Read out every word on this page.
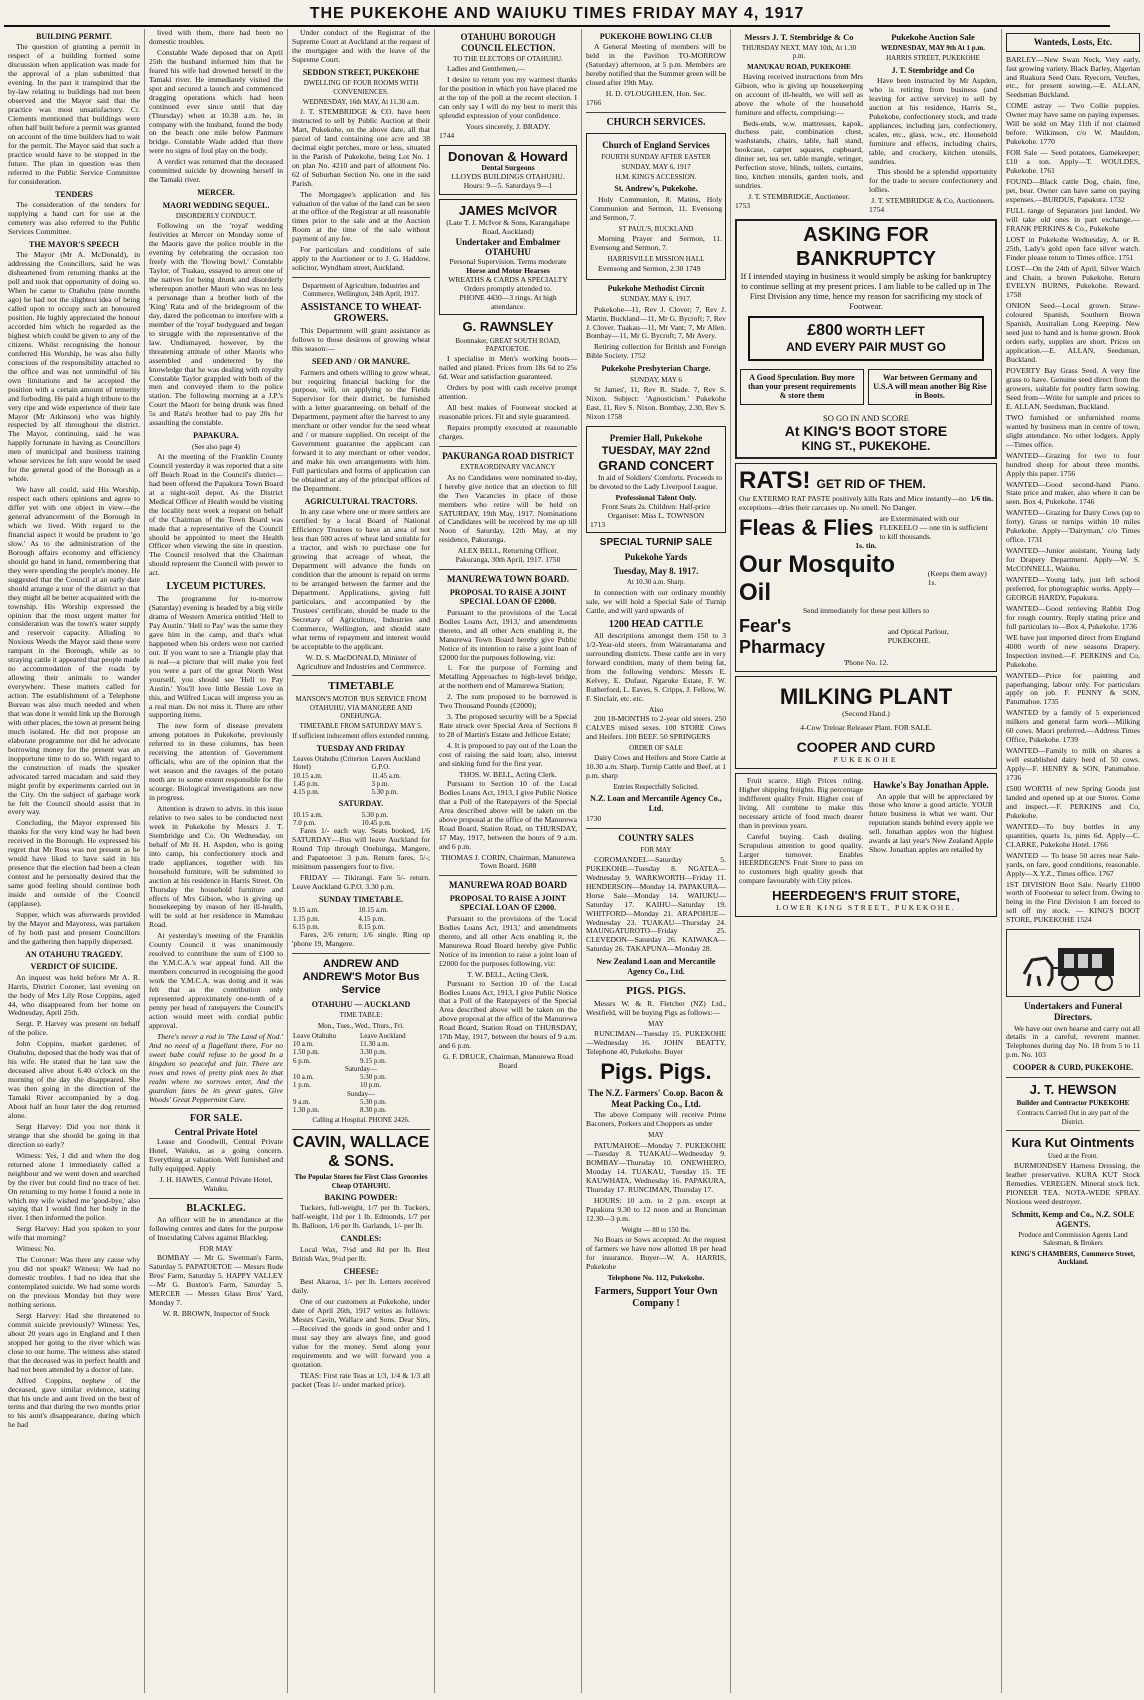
THE PUKEKOHE AND WAIUKU TIMES FRIDAY MAY 4, 1917
BUILDING PERMIT.

The question of granting a permit in respect of a building formed some discussion when application was made for the approval of a plan submitted that evening. In the past it transpired that the by-law relating to buildings had not been observed and the Mayor said that the practice was most unsatisfactory. Cr. Clements mentioned that buildings were often half built before a permit was granted on account of the time builders had to wait for the permit. The Mayor said that such a practice would have to be stopped in the future. The plan in question was then referred to the Public Service Committee for consideration.

TENDERS

The consideration of the tenders for supplying a hand cart for use at the cemetery was also referred to the Public Services Committee.

THE MAYOR'S SPEECH

The Mayor (Mr A. McDonald), in addressing the Councillors, said he was disheartened from returning thanks at the poll and took that opportunity of doing so. When he came to Otahuhu (nine months ago) he had not the slightest idea of being called upon to occupy such an honoured position. He highly appreciated the honour accorded him which he regarded as the highest which could be given to any of the citizens. Whilst recognising the honour conferred His Worship, he was also fully conscious of the responsibility attached to the office and was not unmindful of his own limitations and he accepted the position with a certain amount of temerity and forboding. He paid a high tribute to the very ripe and wide experience of their late Mayor (Mr Atkinson) who was highly respected by all throughout the district. The Mayor, continuing, said he was happily fortunate in having as Councillors men of municipal and business training whose services he felt sure would be used for the general good of the Borough as a whole.

We have all could, said His Worship, respect each others opinions and agree to differ yet with one object in view—the general advancement of the Borough in which we lived. With regard to the financial aspect it would be prudent to 'go slow.' As to the administration of the Borough affairs economy and efficiency should go hand in hand, remembering that they were spending the people's money. He suggested that the Council at an early date should arrange a tour of the district so that they might all be better acquainted with the township. His Worship expressed the opinion that the most urgent matter for consideration was the town's water supply and reservoir capacity. Alluding to Noxious Weeds the Mayor said these were rampant in the Borough, while as to straying cattle it appeared that people made no accommodation of the roads by allowing their animals to wander everywhere. These matters called for action. The establishment of a Telephone Bureau was also much needed and when that was done it would link up the Borough with other places, the town at present being much isolated. He did not propose an elaborate programme nor did he advocate borrowing money for the present was an inopportune time to do so. With regard to the construction of roads the speaker advocated tarred macadam and said they might profit by experiments carried out in the City. On the subject of garbage work he felt the Council should assist that in every way.

Concluding, the Mayor expressed his thanks for the very kind way he had been received in the Borough. He expressed his regret that Mr Ross was not present as he would have liked to have said in his presence that the election had been a clean contest and he personally desired that the same good feeling should continue both inside and outside of the Council (applause).

Supper, which was afterwards provided by the Mayor and Mayoress, was partaken of by both past and present Councillors and the gathering then happily dispersed.

AN OTAHUHU TRAGEDY.
VERDICT OF SUICIDE.

An inquest was held before Mr A. R. Harris, District Coroner, last evening on the body of Mrs Lily Rose Coppins, aged 44, who disappeared from her home on Wednesday, April 25th.

Sergt. P. Harvey was present on behalf of the police.

John Coppins, market gardener, of Otahuhu, deposed that the body was that of his wife. He stated that he last saw the deceased alive about 6.40 o'clock on the morning of the day she disappeared. She was then going in the direction of the Tamaki River accompanied by a dog. About half an hour later the dog returned alone.

Sergt Harvey: Did you not think it strange that she should be going in that direction so early?

Witness: Yes, I did and when the dog returned alone I immediately called a neighbour and we went down and searched by the river but could find no trace of her. On returning to my home I found a note in which my wife wished me 'good-bye,' also saying that I would find her body in the river. I then informed the police.

Sergt Harvey: Had you spoken to your wife that morning?

Witness: No.

The Coroner: Was there any cause why you did not speak? Witness: We had no domestic troubles. I had no idea that she contemplated suicide. We had some words on the previous Monday but they were nothing serious.

Sergt Harvey: Had she threatened to commit suicide previously? Witness: Yes, about 20 years ago in England and I then stopped her going to the river which was close to our home. The witness also stated that the deceased was in perfect health and had not been attended by a doctor of late.

Alfred Coppins, nephew of the deceased, gave similar evidence, stating that his uncle and aunt lived on the best of terms and that during the two months prior to his aunt's disappearance, during which he had

lived with them, there had been no domestic troubles.

Constable Wade deposed that on April 25th the husband informed him that he feared his wife had drowned herself in the Tamaki river. He immediately visited the spot and secured a launch and commenced dragging operations which had been continued ever since until that day (Thursday) when at 10.38 a.m. he, in company with the husband, found the body on the beach one mile below Panmure bridge. Constable Wade added that there were no signs of foul play on the body.

A verdict was returned that the deceased committed suicide by drowning herself in the Tamaki river.

MERCER.
MAORI WEDDING SEQUEL.
DISORDERLY CONDUCT.

Following on the 'royal' wedding festivities at Mercer on Monday some of the Maoris gave the police trouble in the evening by celebrating the occasion too freely with the 'flowing bowl.' Constable Taylor, of Tuakau, essayed to arrest one of the natives for being drunk and disorderly whereupon another Maori who was no less a personage than a brother both of the 'King' Rata and of the bridegroom of the day, dared the policeman to interfere with a member of the 'royal' bodyguard and began to struggle with the representative of the law. Undismayed, however, by the threatening attitude of other Maoris who assembled and undeterred by the knowledge that he was dealing with royalty Constable Taylor grappled with both of the men and conveyed them to the police station. The following morning at a J.P.'s Court the Maori for being drunk was fined 5s and Rata's brother had to pay 20s for assaulting the constable.

PAPAKURA.
(See also page 4)

At the meeting of the Franklin County Council yesterday it was reported that a site off Beach Road in the Council's district—had been offered the Papakura Town Board at a night-soil depot. As the District Medical Officer of Health would be visiting the locality next week a request on behalf of the Chairman of the Town Board was made that a representative of the Council should be appointed to meet the Health Officer when viewing the site in question. The Council resolved that the Chairman should represent the Council with power to act.

LYCEUM PICTURES.

The programme for to-morrow (Saturday) evening is headed by a big virile drama of Western America entitled 'Hell to Pay Austin.' 'Hell to Pay' was the same they gave him in the camp, and that's what happened when his orders were not carried out. If you want to see a Triangle play that is real—a picture that will make you feel you were a part of the great North West yourself, you should see 'Hell to Pay Austin.' You'll love little Bessie Love in this, and Wilfred Lucas will impress you as a real man. Do not miss it. There are other supporting items.

The new form of disease prevalent among potatoes in Pukekohe, previously referred to in these columns, has been receiving the attention of Government officials, who are of the opinion that the wet season and the ravages of the potato moth are to some extent responsible for the scourge. Biological investigations are now in progress.

Attention is drawn to advts. in this issue relative to two sales to be conducted next week in Pukekohe by Messrs J. T. Stembridge and Co. On Wednesday, on behalf of Mr H. H. Aspden, who is going into camp, his confectionery stock and trade appliances, together with his household furniture, will be submitted to auction at his residence in Harris Street. On Thursday the household furniture and effects of Mrs Gibson, who is giving up housekeeping by reason of her ill-health, will be sold at her residence in Manukau Road.

At yesterday's meeting of the Franklin County Council it was unanimously resolved to contribute the sum of £100 to the Y.M.C.A.'s war appeal fund. All the members concurred in recognising the good work the Y.M.C.A. was doing and it was felt that as the contribution only represented approximately one-tenth of a penny per head of ratepayers the Council's action would meet with cordial public approval.

There's never a rod in 'The Land of Nod.' And no need of a flagellant there, For no sweet babe could refuse to be good In a kingdom so peaceful and fair. There are rows and rows of pretty pink toes In that realm where no sorrows enter, And the guardian fates be its great gates, Give Woods' Great Peppermint Cure.

FOR SALE.
Central Private Hotel

Lease and Goodwill, Central Private Hotel, Waiuku, as a going concern. Everything at valuation. Well furnished and fully equipped. Apply

J. H. HAWES, Central Private Hotel, Waiuku.
BLACKLEG.

An officer will be in attendance at the following centres and dates for the purpose of Inoculating Calves against Blackleg.

FOR MAY

BOMBAY — Mr G. Swetman's Farm, Saturday 5. PAPATOETOE — Messrs Rude Bros' Farm, Saturday 5. HAPPY VALLEY—Mr G. Buxton's Farm, Saturday 5. MERCER — Messrs Glass Bros' Yard, Monday 7.

W. R. BROWN, Inspector of Stock

Under conduct of the Registrar of the Supreme Court at Auckland at the request of the mortgagee and with the leave of the Supreme Court.

SEDDON STREET, PUKEKOHE
DWELLING OF FOUR ROOMS WITH CONVENIENCES.
WEDNESDAY, 16th MAY, At 11.30 a.m.

J. T. STEMBRIDGE & CO. have been instructed to sell by Public Auction at their Mart, Pukekohe, on the above date, all that parcel of land containing one acre and 38 decimal eight perches, more or less, situated in the Parish of Pukekohe, being Lot No. 1 on plan No. 4210 and part of allotment No. 62 of Suburban Section No. one in the said Parish.

The Mortgagee's application and his valuation of the value of the land can be seen at the office of the Registrar at all reasonable times prior to the sale and at the Auction Room at the time of the sale without payment of any fee.

For particulars and conditions of sale apply to the Auctioneer or to J. G. Haddow, solicitor, Wyndham street, Auckland.

Department of Agriculture, Industries and Commerce, Wellington, 24th April, 1917.
ASSISTANCE TO WHEAT-GROWERS.

This Department will grant assistance as follows to those desirous of growing wheat this season:—

SEED AND / OR MANURE.

Farmers and others willing to grow wheat, but requiring financial backing for the purpose, will, on applying to the Fields Supervisor for their district, be furnished with a letter guaranteeing, on behalf of the Department, payment after the harvest to any merchant or other vendor for the seed wheat and / or manure supplied. On receipt of the Government guarantee the applicant can forward it to any merchant or other vendor, and make his own arrangements with him. Full particulars and forms of application can be obtained at any of the principal offices of the Department.

AGRICULTURAL TRACTORS.

In any case where one or more settlers are certified by a local Board of National Efficiency Trustees to have an area of not less than 500 acres of wheat land suitable for a tractor, and wish to purchase one for growing that acreage of wheat, the Department will advance the funds on condition that the amount is repaid on terms to be arranged between the farmer and the Department. Applications, giving full particulars, and accompanied by the Trustees' certificate, should be made to the Secretary of Agriculture, Industries and Commerce, Wellington, and should state what terms of repayment and interest would be acceptable to the applicant.

W. D. S. MacDONALD, Minister of Agriculture and Industries and Commerce.
TIMETABLE
MANSON'S MOTOR 'BUS SERVICE FROM OTAHUHU, VIA MANGERE AND ONEHUNGA.
TIMETABLE FROM SATURDAY MAY 5.
If sufficient inducement offers extended running.
TUESDAY AND FRIDAY
Leaves Otahuhu (Criterion Hotel)	Leaves Auckland G.P.O.
10.15 a.m.	11.45 a.m.
1.45 p.m.	3 p.m.
4.15 p.m.	5.30 p.m.
SATURDAY.
10.15 a.m.	5.30 p.m.
7.0 p.m.	10.45 p.m.

Fares 1/- each way. Seats booked, 1/6 SATURDAY—Bus will leave Auckland for Round Trip through Onehunga, Mangere, and Papatoetoe: 3 p.m. Return fares, 5/-; minimum passengers four to five.

FRIDAY — Tikirangi. Fare 5/- return. Leave Auckland G.P.O. 3.30 p.m.

SUNDAY TIMETABLE.
9.15 a.m.	10.15 a.m.
1.15 p.m.	4.15 p.m.
6.15 p.m.	8.15 p.m.

Fares, 2/6 return; 1/6 single. Ring up 'phone 19, Mangere.

ANDREW AND ANDREW'S Motor Bus Service
OTAHUHU — AUCKLAND
TIME TABLE:
Mon., Tues., Wed., Thurs., Fri.
Leave Otahuhu	Leave Auckland
10 a.m.	11.30 a.m.
1.50 p.m.	3.30 p.m.
6 p.m.	9.15 p.m.
Saturday—	
10 a.m.	5.30 p.m.
1 p.m.	10 p.m.
Sunday—	
9 a.m.	5.30 p.m.
1.30 p.m.	8.30 p.m.
Calling at Hospital. PHONE 2426.
CAVIN, WALLACE & SONS.
The Popular Stores for First Class Groceries Cheap OTAHUHU.
BAKING POWDER:

Tuckers, full-weight, 1/7 per lb. Tuckers, half-weight, 11d per 1 lb. Edmonds, 1/7 per lb. Balloon, 1/6 per lb. Garlands, 1/- per lb.

CANDLES:

Local Wax, 7½d and 8d per lb. Best British Wax, 9½d per lb.

CHEESE:

Best Akaroa, 1/- per lb. Letters received daily.

One of our customers at Pukekohe, under date of April 26th, 1917 writes as follows: Messrs Cavin, Wallace and Sons. Dear Sirs,—Received the goods in good order and I must say they are always fine, and good value for the money. Send along your requirements and we will forward you a quotation.

TEAS: First rate Teas at 1/3, 1/4 & 1/3 all packet (Teas 1/- under marked price).

OTAHUHU BOROUGH COUNCIL ELECTION.
TO THE ELECTORS OF OTAHUHU.

Ladies and Gentlemen,—

I desire to return you my warmest thanks for the position in which you have placed me at the top of the poll at the recent election. I can only say I will do my best to merit this splendid expression of your confidence.

Yours sincerely, J. BRADY.
1744
Donovan & Howard
Dental Surgeons
LLOYDS BUILDINGS OTAHUHU.
Hours: 9—5. Saturdays 9—1
JAMES McIVOR
(Late T. J. McIvor & Sons, Karangahape Road, Auckland)
Undertaker and Embalmer OTAHUHU
Personal Supervision. Terms moderate
Horse and Motor Hearses
WREATHS & CARDS A SPECIALTY
Orders promptly attended to.
PHONE 4430—3 rings. At high attendance.
G. RAWNSLEY
Bootmaker, GREAT SOUTH ROAD, PAPATOETOE.

I specialise in Men's working boots—nailed and plated. Prices from 18s 6d to 25s 6d. Wear and satisfaction guaranteed.

Orders by post with cash receive prompt attention.

All best makes of Footwear stocked at reasonable prices. Fit and style guaranteed.

Repairs promptly executed at reasonable charges.

PAKURANGA ROAD DISTRICT
EXTRAORDINARY VACANCY

As no Candidates were nominated to-day, I hereby give notice that an election to fill the Two Vacancies in place of those members who retire will be held on SATURDAY, 19th May, 1917. Nominations of Candidates will be received by me up till Noon of Saturday, 12th May, at my residence, Pakuranga.

ALEX BELL, Returning Officer.
Pakuranga, 30th April, 1917. 1750
MANUREWA TOWN BOARD.
PROPOSAL TO RAISE A JOINT SPECIAL LOAN OF £2000.

Pursuant to the provisions of the 'Local Bodies Loans Act, 1913,' and amendments thereto, and all other Acts enabling it, the Manurewa Town Board hereby give Public Notice of its intention to raise a joint loan of £2000 for the purposes following, viz:

1. For the purpose of Forming and Metalling Approaches to high-level bridge, at the northern end of Manurewa Station;

2. The sum proposed to be borrowed is Two Thousand Pounds (£2000);

3. The proposed security will be a Special Rate struck over Special Area of Sections 8 to 28 of Martin's Estate and Jellicoe Estate;

4. It is proposed to pay out of the Loan the cost of raising the said loan; also, interest and sinking fund for the first year.

THOS. W. BELL, Acting Clerk.

Pursuant to Section 10 of the Local Bodies Loans Act, 1913, I give Public Notice that a Poll of the Ratepayers of the Special Area described above will be taken on the above proposal at the office of the Manurewa Road Board, Station Road, on THURSDAY, 17 May, 1917, between the hours of 9 a.m. and 6 p.m.

THOMAS J. CORIN, Chairman, Manurewa Town Board. 1688
MANUREWA ROAD BOARD
PROPOSAL TO RAISE A JOINT SPECIAL LOAN OF £2000.

Pursuant to the provisions of the 'Local Bodies Loans Act, 1913,' and amendments thereto, and all other Acts enabling it, the Manurewa Road Board hereby give Public Notice of its intention to raise a joint loan of £2000 for the purposes following, viz:

T. W. BELL, Acting Clerk.

Pursuant to Section 10 of the Local Bodies Loans Act, 1913, I give Public Notice that a Poll of the Ratepayers of the Special Area described above will be taken on the above proposal at the office of the Manurewa Road Board, Station Road on THURSDAY, 17th May, 1917, between the hours of 9 a.m. and 6 p.m.

G. F. DRUCE, Chairman, Manurewa Road Board
PUKEKOHE BOWLING CLUB

A General Meeting of members will be held in the Pavilion TO-MORROW (Saturday) afternoon, at 5 p.m. Members are hereby notified that the Summer green will be closed after 19th May.

H. D. O'LOUGHLEN, Hon. Sec.
1766
CHURCH SERVICES.
Church of England Services
FOURTH SUNDAY AFTER EASTER
SUNDAY, MAY 6, 1917
H.M. KING'S ACCESSION.
St. Andrew's, Pukekohe.

Holy Communion, 8. Matins, Holy Communion and Sermon, 11. Evensong and Sermon, 7.

ST PAUL'S, BUCKLAND

Morning Prayer and Sermon, 11. Evensong and Sermon, 7.

HARRISVILLE MISSION HALL

Evensong and Sermon, 2.30 1749

Pukekohe Methodist Circuit
SUNDAY, MAY 6, 1917.

Pukekohe—11, Rev J. Clover; 7, Rev J. Martin. Buckland—11, Mr G. Bycroft; 7, Rev J. Clover. Tuakau—11, Mr Vant; 7, Mr Allen. Bombay—11, Mr G. Bycroft; 7, Mr Avery.

Retiring collection for British and Foreign Bible Society. 1752

Pukekohe Presbyterian Charge.
SUNDAY, MAY 6

St James', 11, Rev R. Slade. 7, Rev S. Nixon. Subject: 'Agnosticism.' Pukekohe East, 11, Rev S. Nixon. Bombay, 2.30, Rev S. Nixon 1758

Premier Hall, Pukekohe
TUESDAY, MAY 22nd
GRAND CONCERT

In aid of Soldiers' Comforts. Proceeds to be devoted to the Lady Liverpool League.

Professional Talent Only.
Front Seats 2s. Children: Half-price
Organiser: Miss L. TOWNSON
1713
SPECIAL TURNIP SALE
Pukekohe Yards
Tuesday, May 8. 1917.
At 10.30 a.m. Sharp.

In connection with our ordinary monthly sale, we will hold a Special Sale of Turnip Cattle, and will yard upwards of

1200 HEAD CATTLE

All descriptions amongst them 150 to 3 1/2-Year-old steers, from Wairamarama and surrounding districts. These cattle are in very forward condition, many of them being fat, from the following vendors: Messrs E. Kelvey, E. Dufaur, Ngaruke Estate, F. W. Rutherford, L. Eaves, S. Cripps, J. Fellow, W. F. Sinclair, etc. etc.

Also

200 18-MONTHS to 2-year old steers. 250 CALVES mixed sexes. 100 STORE Cows and Heifers. 100 BEEF. 50 SPRINGERS

ORDER OF SALE

Dairy Cows and Heifers and Store Cattle at 10.30 a.m. Sharp. Turnip Cattle and Beef, at 1 p.m. sharp

Entries Respectfully Solicited.
N.Z. Loan and Mercantile Agency Co., Ltd.
1730
COUNTRY SALES
FOR MAY

COROMANDEL—Saturday 5. PUKEKOHE—Tuesday 8. NGATEA—Wednesday 9. WARKWORTH—Friday 11. HENDERSON—Monday 14. PAPAKURA—Horse Sale—Monday 14. WAIUKU—Saturday 17. KAIHU—Saturday 19. WHITFORD—Monday 21. ARAPOHUE—Wednesday 23. TUAKAU—Thursday 24. MAUNGATUROTO—Friday 25. CLEVEDON—Saturday 26. KAIWAKA—Saturday 26. TAKAPUNA—Monday 28.

New Zealand Loan and Mercantile Agency Co., Ltd.
PIGS. PIGS.

Messrs W. & R. Fletcher (NZ) Ltd., Westfield, will be buying Pigs as follows:—

MAY

RUNCIMAN—Tuesday 15. PUKEKOHE—Wednesday 16. JOHN BEATTY, Telephone 40, Pukekohe. Buyer

Pigs. Pigs.
The N.Z. Farmers' Co.op. Bacon & Meat Packing Co., Ltd.

The above Company will receive Prime Baconers, Porkers and Choppers as under

MAY

PATUMAHOE—Monday 7. PUKEKOHE—Tuesday 8. TUAKAU—Wednesday 9. BOMBAY—Thursday 10. ONEWHERO, Monday 14. TUAKAU, Tuesday 15. TE KAUWHATA, Wednesday 16. PAPAKURA, Thursday 17. RUNCIMAN, Thursday 17.

HOURS: 10 a.m. to 2 p.m. except at Papakura 9.30 to 12 noon and at Runciman 12.30—3 p.m.

Weight — 80 to 150 lbs.

No Boars or Sows accepted. At the request of farmers we have now allotted 18 per head for insurance. Buyer—W. A. HARRIS, Pukekohe

Telephone No. 112, Pukekohe.
Farmers, Support Your Own Company !
Messrs J. T. Stembridge & Co
THURSDAY NEXT, MAY 10th, At 1.30 p.m.
MANUKAU ROAD, PUKEKOHE

Having received instructions from Mrs Gibson, who is giving up housekeeping on account of ill-health, we will sell as above the whole of the household furniture and effects, comprising:—

Beds-ends, w.w. mattresses, kapok, duchess pair, combination chest, washstands, chairs, table, hall stand, bookcase, carpet squares, cupboard, dinner set, tea set, table mangle, wringer, Perfection stove, blinds, toilets, curtains, lino, kitchen utensils, garden tools, and sundries.

J. T. STEMBRIDGE, Auctioneer.
1753
Pukekohe Auction Sale
WEDNESDAY, MAY 9th At 1 p.m.
HARRIS STREET, PUKEKOHE
J. T. Stembridge and Co

Have been instructed by Mr Aspden, who is retiring from business (and leaving for active service) to sell by auction at his residence, Harris St., Pukekohe, confectionery stock, and trade appliances, including jars, confectionery, scales, etc., glass, w.w., etc. Household furniture and effects, including chairs, table, and crockery, kitchen utensils, sundries.

This should be a splendid opportunity for the trade to secure confectionery and lollies.

J. T. STEMBRIDGE & Co, Auctioneers.
1754
ASKING FOR BANKRUPTCY

If I intended staying in business it would simply be asking for bankruptcy to continue selling at my present prices. I am liable to be called up in The First Division any time, hence my reason for sacrificing my stock of Footwear.

£800 WORTH LEFT
AND EVERY PAIR MUST GO
A Good Speculation. Buy more than your present requirements & store them
War between Germany and U.S.A will mean another Big Rise in Boots.
SO GO IN AND SCORE
At KING'S BOOT STORE
KING ST., PUKEKOHE.
RATS! GET RID OF THEM.

Our EXTERMO RAT PASTE positively kills Rats and Mice instantly—no exceptions—dries their carcases up. No smell. No Danger.

1/6 tin.
Fleas & Flies are Exterminated with our FLEKEELO — one tin is sufficient to kill thousands.
1s. tin.
Our Mosquito Oil
(Keeps them away) 1s.
Send immediately for these pest killers to
Fear's Pharmacy
and Optical Parlour, PUKEKOHE.
'Phone No. 12.
MILKING PLANT
(Second Hand.)
4-Cow Treloar Releaser Plant. FOR SALE.
COOPER AND CURD
PUKEKOHE

Fruit scarce. High Prices ruling. Higher shipping freights. Big percentage indifferent quality Fruit. Higher cost of living. All combine to make this necessary article of food much dearer than in previous years.

Careful buying. Cash dealing. Scrupulous attention to good quality. Larger turnover. Enables HEERDEGEN'S Fruit Store to pass on to customers high quality goods that compare favourably with City prices.

Hawke's Bay Jonathan Apple.

An apple that will be appreciated by those who know a good article. YOUR future business is what we want. Our reputation stands behind every apple we sell. Jonathan apples won the highest awards at last year's New Zealand Apple Show. Jonathan apples are retailed by

HEERDEGEN'S FRUIT STORE,
LOWER KING STREET, PUKEKOHE.
Wanteds, Losts, Etc.

BARLEY—New Swan Neck, Very early, fast growing variety. Black Barley, Algerian and Ruakura Seed Oats. Ryecorn, Vetches, etc., for present sowing.—E. ALLAN, Seedsman Buckland.

COME astray — Two Collie puppies. Owner may have same on paying expenses. Will be sold on May 11th if not claimed before. Wilkinson, c/o W. Mauldon, Pukekohe. 1770

FOR Sale — Seed potatoes, Gamekeeper; £10 a ton. Apply—T. WOULDES, Pukekohe. 1761

FOUND—Black cattle Dog, chain, fine, pet, bear. Owner can have same on paying expenses.—BURDUS, Papakura. 1732

FULL range of Separators just landed. We will take old ones in part exchange.—FRANK PERKINS & Co., Pukekohe

LOST in Pukekohe Wednesday, A. or B. 25th, Lady's gold open face silver watch. Finder please return to Times office. 1751

LOST—On the 24th of April, Silver Watch and Chain, a brown Pukekohe. Return EVELYN BURNS, Pukekohe. Reward. 1758

ONION Seed—Local grown. Straw-coloured Spanish, Southern Brown Spanish, Australian Long Keeping. New seed just to hand and is home grown. Book orders early, supplies are short. Prices on application.—E. ALLAN, Seedsman, Buckland.

POVERTY Bay Grass Seed. A very fine grass to have. Genuine seed direct from the growers, suitable for poultry farm sowing. Seed from—Write for sample and prices to E. ALLAN, Seedsman, Buckland.

TWO furnished or unfurnished rooms wanted by business man in centre of town, slight attendance. No other lodgers. Apply—Times office.

WANTED—Grazing for two to four hundred sheep for about three months. Apply this paper. 1756

WANTED—Good second-hand Piano. State price and maker, also where it can be seen. Box 4, Pukekohe. 1746

WANTED—Grazing for Dairy Cows (up to forty). Grass or turnips within 10 miles Pukekohe. Apply—'Dairyman,' c/o Times office. 1731

WANTED—Junior assistant, Young lady for Drapery Department. Apply—W. S. McCONNELL, Waiuku.

WANTED—Young lady, just left school preferred, for photographic works. Apply—GEORGE HARDY, Papakura.

WANTED—Good retrieving Rabbit Dog for rough country. Reply stating price and full particulars to—Box 4, Pukekohe. 1736

WE have just imported direct from England 4000 worth of new seasons Drapery. Inspection invited.—F. PERKINS and Co, Pukekohe.

WANTED—Price for painting and paperhanging, labour only. For particulars apply on job. F. PENNY & SON, Patumahoe. 1735

WANTED by a family of 5 experienced milkers and general farm work—Milking 60 cows. Maori preferred.—Address Times Office, Pukekohe. 1739

WANTED—Family to milk on shares a well established dairy herd of 50 cows. Apply—F. HENRY & SON, Patumahoe. 1736

£500 WORTH of new Spring Goods just landed and opened up at our Stores. Come and inspect.—F. PERKINS and Co, Pukekohe.

WANTED—To buy bottles in any quantities, quarts 1s, pints 6d. Apply—C. CLARKE, Pukekohe Hotel. 1766

WANTED — To lease 50 acres near Sale-yards, on fare, good conditions, reasonable. Apply—X.Y.Z., Times office. 1767

1ST DIVISION Boot Sale. Nearly £1000 worth of Footwear to select from. Owing to being in the First Division I am forced to sell off my stock. — KING'S BOOT STORE, PUKEKOHE 1524

Undertakers and Funeral Directors.

We have our own hearse and carry out all details in a careful, reverent manner. Telephones during day No. 18 from 5 to 11 p.m. No. 103

COOPER & CURD, PUKEKOHE.
J. T. HEWSON
Builder and Contractor PUKEKOHE
Contracts Carried Out in any part of the District.
Kura Kut Ointments
Used at the Front.

BURMONDSEY Harness Dressing, the leather preservative. KURA KUT Stock Remedies. VEREGEN. Mineral stock lick. PIONEER TEA. NOTA-WEDE SPRAY. Noxious weed destroyer.

Schmitt, Kemp and Co., N.Z. SOLE AGENTS.
Produce and Commission Agents Land Salesman, & Brokers
KING'S CHAMBERS, Commerce Street, Auckland.
